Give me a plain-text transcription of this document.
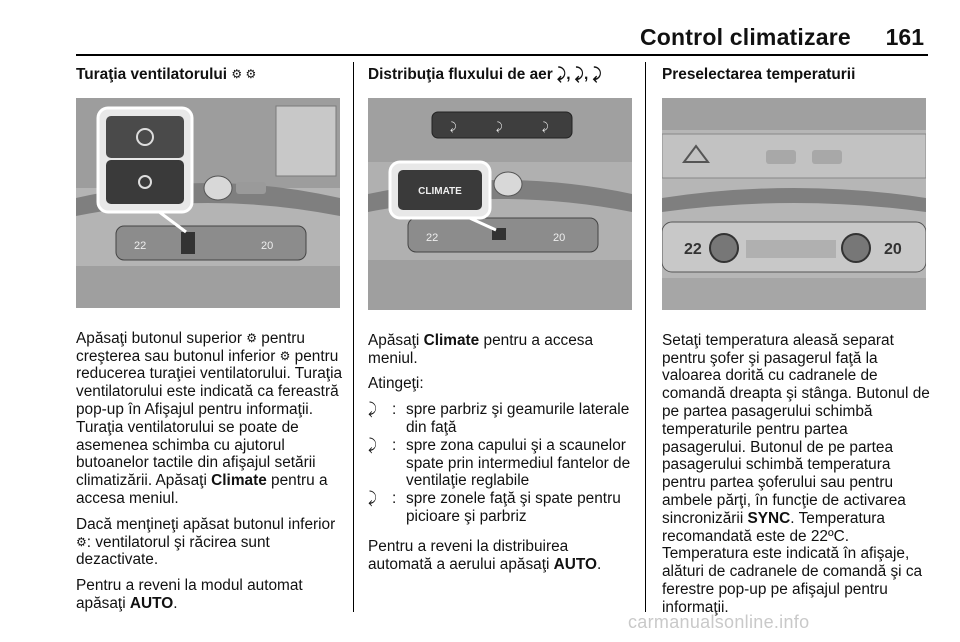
Control climatizare	161
Turaţia ventilatorului ⚙ ⚙
22	20

Apăsaţi butonul superior ⚙ pentru creşterea sau butonul inferior ⚙ pentru reducerea turaţiei ventilatorului. Turaţia ventilatorului este indicată ca fereastră pop-up în Afişajul pentru informaţii. Turaţia ventilatorului se poate de asemenea schimba cu ajutorul butoanelor tactile din afişajul setării climatizării. Apăsaţi Climate pentru a accesa meniul.

Dacă menţineţi apăsat butonul inferior ⚙: ventilatorul şi răcirea sunt dezactivate.

Pentru a reveni la modul automat apăsaţi AUTO.

Distribuţia fluxului de aer ⤸, ⤸, ⤸
⤸	⤸	⤸
22	20
CLIMATE

Apăsaţi Climate pentru a accesa meniul.

Atingeţi:

⤸ : spre parbriz şi geamurile laterale din faţă
⤸ : spre zona capului şi a scaunelor spate prin intermediul fantelor de ventilaţie reglabile
⤸ : spre zonele faţă şi spate pentru picioare şi parbriz

Pentru a reveni la distribuirea automată a aerului apăsaţi AUTO.

Preselectarea temperaturii
22	20

Setaţi temperatura aleasă separat pentru şofer şi pasagerul faţă la valoarea dorită cu cadranele de comandă dreapta şi stânga. Butonul de pe partea pasagerului schimbă temperaturile pentru partea pasagerului. Butonul de pe partea pasagerului schimbă temperatura pentru partea şoferului sau pentru ambele părţi, în funcţie de activarea sincronizării SYNC. Temperatura recomandată este de 22ºC. Temperatura este indicată în afişaje, alături de cadranele de comandă şi ca ferestre pop-up pe afişajul pentru informaţii.

carmanualsonline.info
